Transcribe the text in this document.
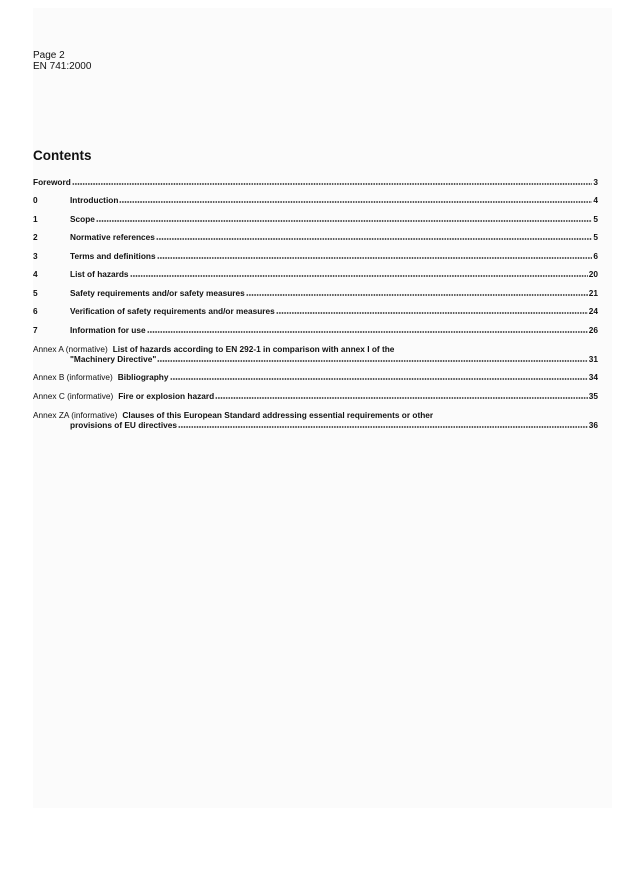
Page 2
EN 741:2000
Contents
Foreword	3
0	Introduction	4
1	Scope	5
2	Normative references	5
3	Terms and definitions	6
4	List of hazards	20
5	Safety requirements and/or safety measures	21
6	Verification of safety requirements and/or measures	24
7	Information for use	26
Annex A (normative) List of hazards according to EN 292-1 in comparison with annex I of the
"Machinery Directive"	31
Annex B (informative) Bibliography	34
Annex C (informative) Fire or explosion hazard	35
Annex ZA (informative) Clauses of this European Standard addressing essential requirements or other
provisions of EU directives	36
